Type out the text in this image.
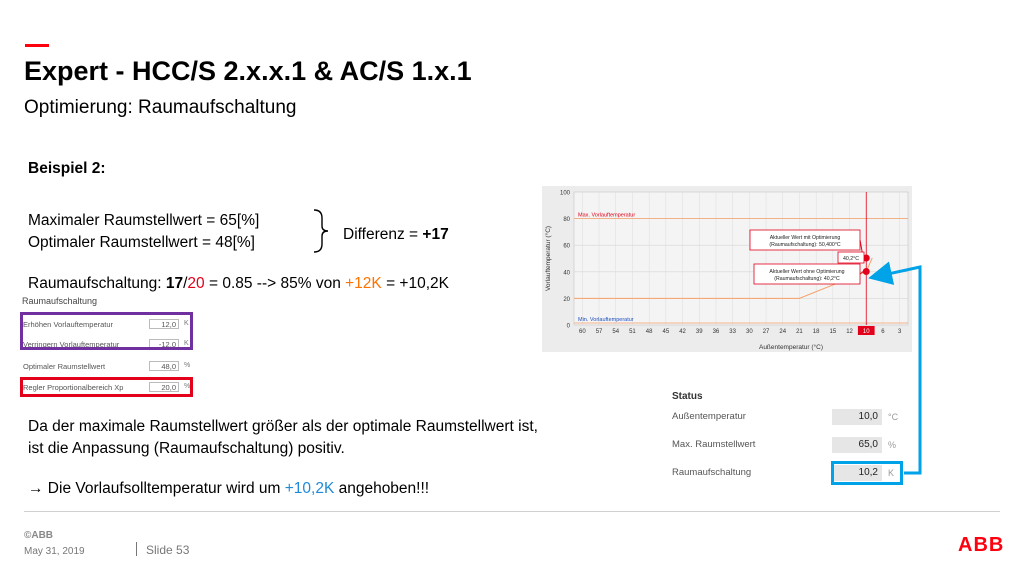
Expert - HCC/S 2.x.x.1 & AC/S 1.x.1
Optimierung: Raumaufschaltung
Beispiel 2:
Maximaler Raumstellwert = 65[%]
Optimaler Raumstellwert = 48[%]	Differenz = +17
Raumaufschaltung: 17/20 = 0.85 --> 85% von +12K = +10,2K
Raumaufschaltung
Erhöhen Vorlauftemperatur	12,0	K
Verringern Vorlauftemperatur	-12,0	K
Optimaler Raumstellwert	48,0	%
Regler Proportionalbereich Xp	20,0	%
0
20
40
60
80
100
60 57 54 51 48 45 42 39 36 33 30 27 24 21 18 15 12 10 6 3
Außentemperatur (°C)
Vorlauftemperatur (°C)
Max. Vorlauftemperatur
Min. Vorlauftemperatur
Aktueller Wert mit Optimierung
(Raumaufschaltung): 50,400°C
40,2°C
Aktueller Wert ohne Optimierung
(Raumaufschaltung): 40,2°C
Da der maximale Raumstellwert größer als der optimale Raumstellwert ist,
ist die Anpassung (Raumaufschaltung) positiv.
→ Die Vorlaufsolltemperatur wird um +10,2K angehoben!!!
Status
Außentemperatur	10,0	°C
Max. Raumstellwert	65,0	%
Raumaufschaltung	10,2	K
©ABB
May 31, 2019	Slide 53	ABB
